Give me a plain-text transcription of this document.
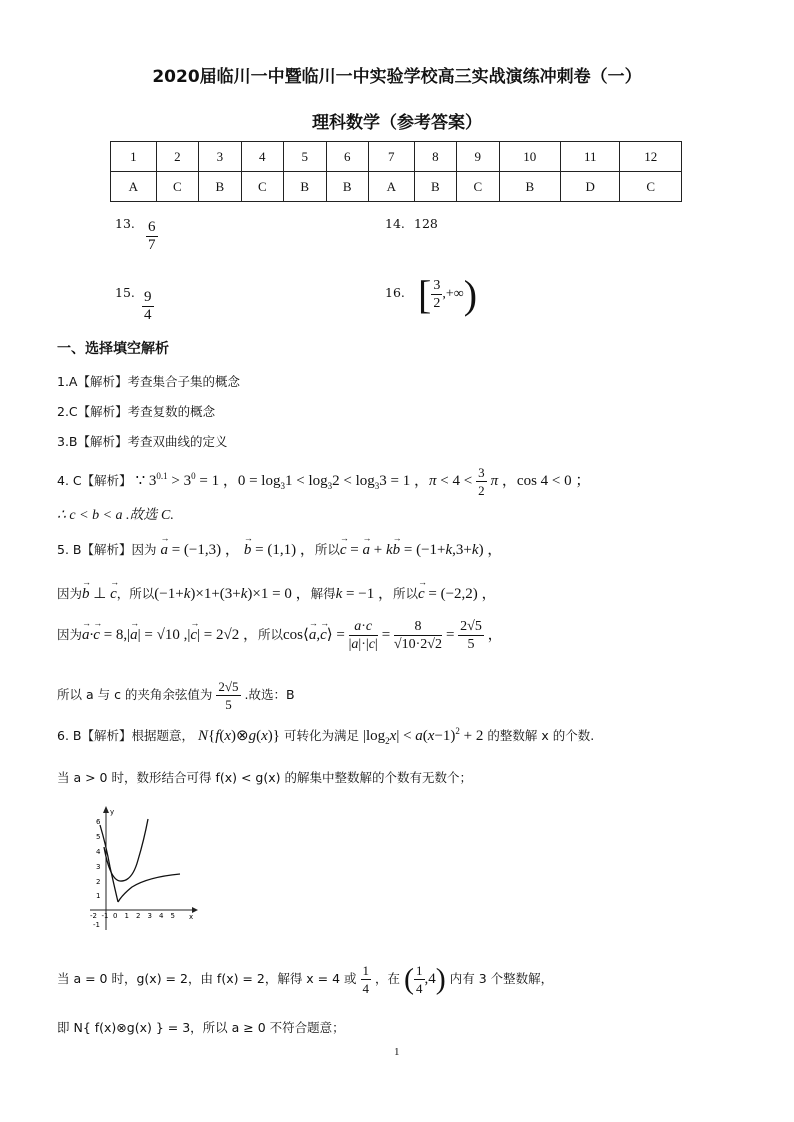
2020届临川一中暨临川一中实验学校高三实战演练冲刺卷（一）
理科数学（参考答案）
1	2	3	4	5	6	7	8	9	10	11	12
A	C	B	C	B	B	A	B	C	B	D	C
13. $\frac{6}{7}$	14. 128
15. $\frac{9}{4}$	16. [ $\frac{3}{2}$ ,+∞)
一、选择填空解析
1.A【解析】考查集合子集的概念
2.C【解析】考查复数的概念
3.B【解析】考查双曲线的定义
4. C【解析】 ∵ $3^{0.1} > 3^0 = 1$ ，$0 = \log_31 < \log_32 < \log_33 = 1$ ，$\pi < 4 < \frac{3}{2}$ π ，cos 4 < 0 ；
∴ c < b < a .故选 C.
5. B【解析】因为 → a = (−1,3) ， → b = (1,1) ，所以→ c = → a + k→ b = (−1+k,3+k) ，
因为→ b ⊥ → c，所以(−1+k)×1+(3+k)×1 = 0 ，解得k = −1 ，所以→ c = (−2,2) ，
因为→ a·→ c = 8,|→ a| = √10 ,|→ c| = 2√2 ，所以cos⟨→ a,→ c⟩ = $\frac{a\cdot c}{|a|\cdot|c|} = \frac{8}{√10\cdot 2√2} = \frac{2√5}{5}$ ，
所以 a 与 c 的夹角余弦值为 $\frac{2√5}{5}$ .故选：B
6. B【解析】根据题意， N{f(x)⊗g(x)} 可转化为满足 $|\log_2x| < a(x-1)^2 + 2$ 的整数解 x 的个数.
当 a > 0 时，数形结合可得 f(x) < g(x) 的解集中整数解的个数有无数个；
y
x
6
5
4
3
2
1
-1
-2 -1 0 1 2 3 4 5
当 a = 0 时，g(x) = 2，由 f(x) = 2，解得 x = 4 或 $\frac{1}{4}$ ，在 ( $\frac{1}{4} ,4$) 内有 3 个整数解，
即 N{ f(x)⊗g(x) } = 3，所以 a ≥ 0 不符合题意；
1
